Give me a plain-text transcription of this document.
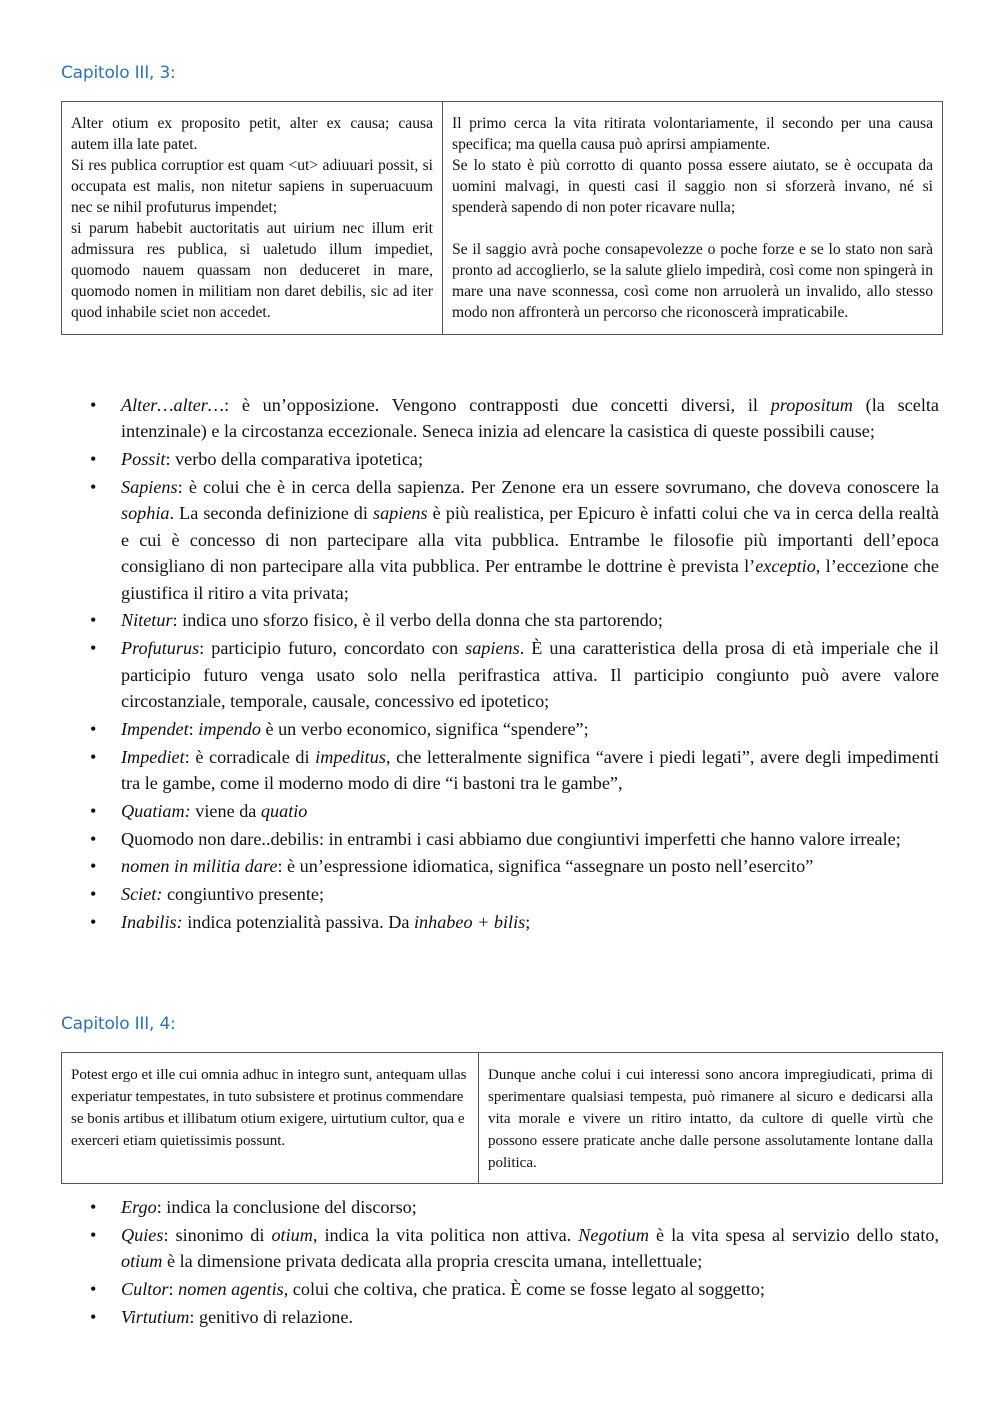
Capitolo III, 3:
Alter otium ex proposito petit, alter ex causa; causa autem illa late patet.
Si res publica corruptior est quam <ut> adiuuari possit, si occupata est malis, non nitetur sapiens in superuacuum nec se nihil profuturus impendet;
si parum habebit auctoritatis aut uirium nec illum erit admissura res publica, si ualetudo illum impediet, quomodo nauem quassam non deduceret in mare, quomodo nomen in militiam non daret debilis, sic ad iter quod inhabile sciet non accedet.

Il primo cerca la vita ritirata volontariamente, il secondo per una causa specifica; ma quella causa può aprirsi ampiamente.
Se lo stato è più corrotto di quanto possa essere aiutato, se è occupata da uomini malvagi, in questi casi il saggio non si sforzerà invano, né si spenderà sapendo di non poter ricavare nulla;
Se il saggio avrà poche consapevolezze o poche forze e se lo stato non sarà pronto ad accoglierlo, se la salute glielo impedirà, così come non spingerà in mare una nave sconnessa, così come non arruolerà un invalido, allo stesso modo non affronterà un percorso che riconoscerà impraticabile.
• Alter…alter…: è un’opposizione. Vengono contrapposti due concetti diversi, il propositum (la scelta intenzinale) e la circostanza eccezionale. Seneca inizia ad elencare la casistica di queste possibili cause;
• Possit: verbo della comparativa ipotetica;
• Sapiens: è colui che è in cerca della sapienza. Per Zenone era un essere sovrumano, che doveva conoscere la sophia. La seconda definizione di sapiens è più realistica, per Epicuro è infatti colui che va in cerca della realtà e cui è concesso di non partecipare alla vita pubblica. Entrambe le filosofie più importanti dell’epoca consigliano di non partecipare alla vita pubblica. Per entrambe le dottrine è prevista l’exceptio, l’eccezione che giustifica il ritiro a vita privata;
• Nitetur: indica uno sforzo fisico, è il verbo della donna che sta partorendo;
• Profuturus: participio futuro, concordato con sapiens. È una caratteristica della prosa di età imperiale che il participio futuro venga usato solo nella perifrastica attiva. Il participio congiunto può avere valore circostanziale, temporale, causale, concessivo ed ipotetico;
• Impendet: impendo è un verbo economico, significa “spendere”;
• Impediet: è corradicale di impeditus, che letteralmente significa “avere i piedi legati”, avere degli impedimenti tra le gambe, come il moderno modo di dire “i bastoni tra le gambe”,
• Quatiam: viene da quatio
• Quomodo non dare..debilis: in entrambi i casi abbiamo due congiuntivi imperfetti che hanno valore irreale;
• nomen in militia dare: è un’espressione idiomatica, significa “assegnare un posto nell’esercito”
• Sciet: congiuntivo presente;
• Inabilis: indica potenzialità passiva. Da inhabeo + bilis;
Capitolo III, 4:
Potest ergo et ille cui omnia adhuc in integro sunt, antequam ullas experiatur tempestates, in tuto subsistere et protinus commendare se bonis artibus et illibatum otium exigere, uirtutium cultor, qua e exerceri etiam quietissimis possunt.

Dunque anche colui i cui interessi sono ancora impregiudicati, prima di sperimentare qualsiasi tempesta, può rimanere al sicuro e dedicarsi alla vita morale e vivere un ritiro intatto, da cultore di quelle virtù che possono essere praticate anche dalle persone assolutamente lontane dalla politica.
• Ergo: indica la conclusione del discorso;
• Quies: sinonimo di otium, indica la vita politica non attiva. Negotium è la vita spesa al servizio dello stato, otium è la dimensione privata dedicata alla propria crescita umana, intellettuale;
• Cultor: nomen agentis, colui che coltiva, che pratica. È come se fosse legato al soggetto;
• Virtutium: genitivo di relazione.
